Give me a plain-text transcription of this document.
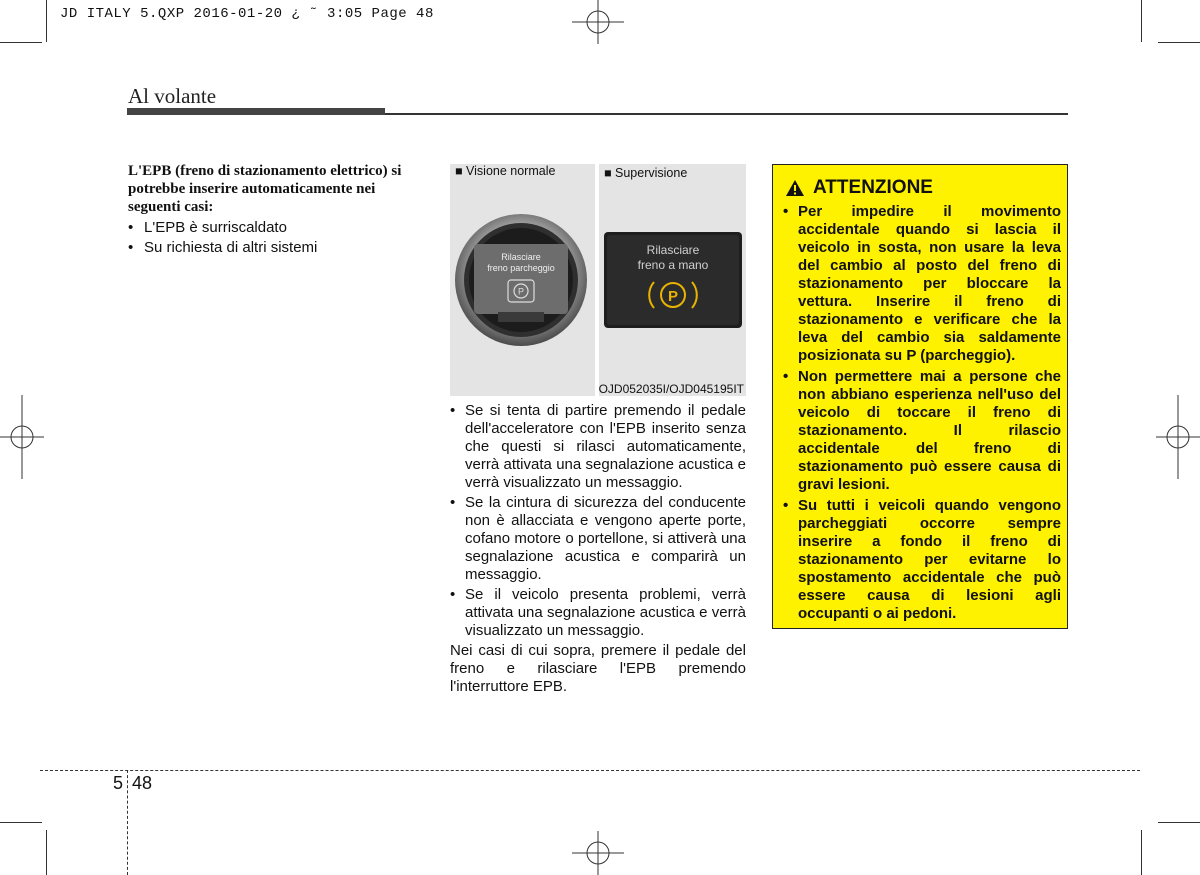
JD ITALY 5.QXP 2016-01-20 ¿ ˜ 3:05 Page 48
Al volante
L'EPB (freno di stazionamento elettrico) si potrebbe inserire automaticamente nei seguenti casi:
• L'EPB è surriscaldato
• Su richiesta di altri sistemi
■ Visione normale	■ Supervisione
Rilasciare
freno parcheggio
P
Rilasciare
freno a mano
P
OJD052035I/OJD045195IT
• Se si tenta di partire premendo il pedale dell'acceleratore con l'EPB inserito senza che questi si rilasci automaticamente, verrà attivata una segnalazione acustica e verrà visualizzato un messaggio.
• Se la cintura di sicurezza del conducente non è allacciata e vengono aperte porte, cofano motore o portellone, si attiverà una segnalazione acustica e comparirà un messaggio.
• Se il veicolo presenta problemi, verrà attivata una segnalazione acustica e verrà visualizzato un messaggio.

Nei casi di cui sopra, premere il pedale del freno e rilasciare l'EPB premendo l'interruttore EPB.

ATTENZIONE
• Per impedire il movimento accidentale quando si lascia il veicolo in sosta, non usare la leva del cambio al posto del freno di stazionamento per bloccare la vettura. Inserire il freno di stazionamento e verificare che la leva del cambio sia saldamente posizionata su P (parcheggio).
• Non permettere mai a persone che non abbiano esperienza nell'uso del veicolo di toccare il freno di stazionamento. Il rilascio accidentale del freno di stazionamento può essere causa di gravi lesioni.
• Su tutti i veicoli quando vengono parcheggiati occorre sempre inserire a fondo il freno di stazionamento per evitarne lo spostamento accidentale che può essere causa di lesioni agli occupanti o ai pedoni.
5 48
